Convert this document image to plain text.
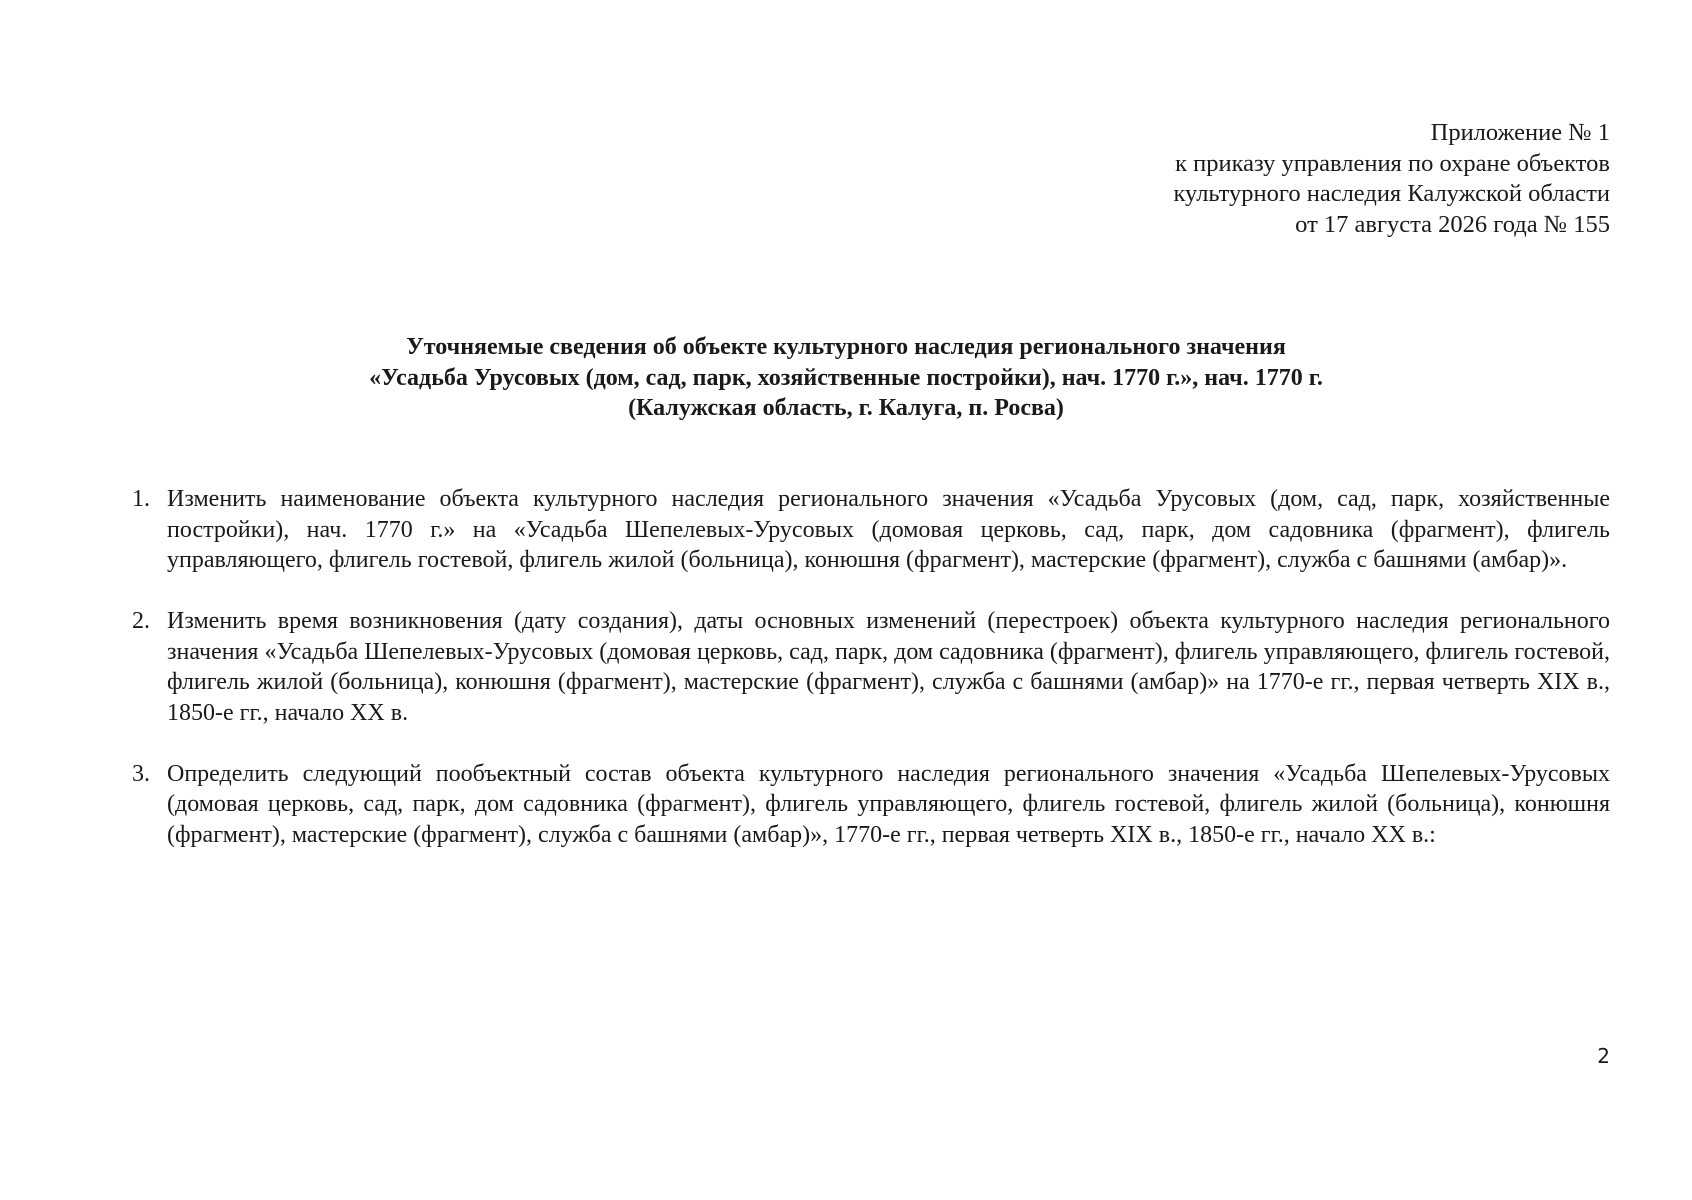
Приложение № 1
к приказу управления по охране объектов
культурного наследия Калужской области
от 17 августа 2026 года № 155
Уточняемые сведения об объекте культурного наследия регионального значения
«Усадьба Урусовых (дом, сад, парк, хозяйственные постройки), нач. 1770 г.», нач. 1770 г.
(Калужская область, г. Калуга, п. Росва)
1. Изменить наименование объекта культурного наследия регионального значения «Усадьба Урусовых (дом, сад, парк, хозяйственные постройки), нач. 1770 г.» на «Усадьба Шепелевых-Урусовых (домовая церковь, сад, парк, дом садовника (фрагмент), флигель управляющего, флигель гостевой, флигель жилой (больница), конюшня (фрагмент), мастерские (фрагмент), служба с башнями (амбар)».
2. Изменить время возникновения (дату создания), даты основных изменений (перестроек) объекта культурного наследия регионального значения «Усадьба Шепелевых-Урусовых (домовая церковь, сад, парк, дом садовника (фрагмент), флигель управляющего, флигель гостевой, флигель жилой (больница), конюшня (фрагмент), мастерские (фрагмент), служба с башнями (амбар)» на 1770-е гг., первая четверть XIX в., 1850-е гг., начало XX в.
3. Определить следующий пообъектный состав объекта культурного наследия регионального значения «Усадьба Шепелевых-Урусовых (домовая церковь, сад, парк, дом садовника (фрагмент), флигель управляющего, флигель гостевой, флигель жилой (больница), конюшня (фрагмент), мастерские (фрагмент), служба с башнями (амбар)», 1770-е гг., первая четверть XIX в., 1850-е гг., начало XX в.:
2
